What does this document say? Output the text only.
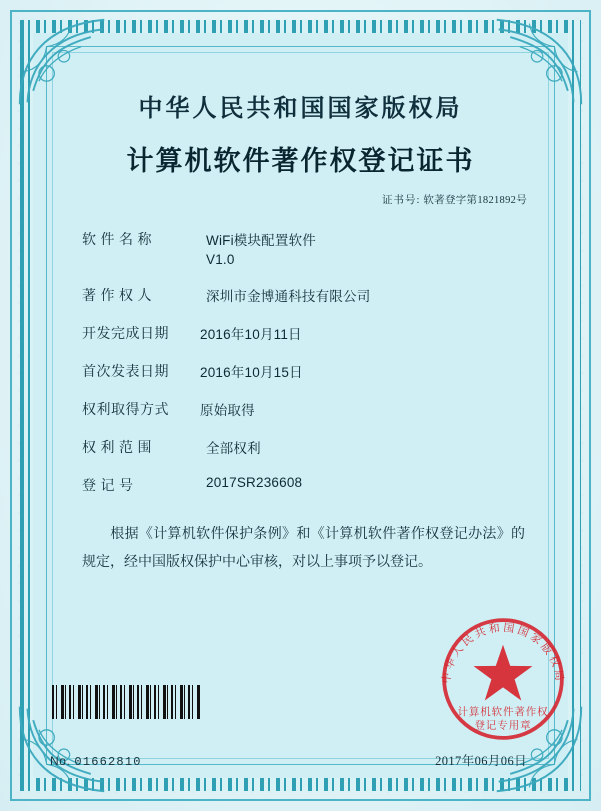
中华人民共和国国家版权局
计算机软件著作权登记证书
证书号: 软著登字第1821892号
软 件 名 称	WiFi模块配置软件
V1.0
著 作 权 人	深圳市金博通科技有限公司
开发完成日期	2016年10月11日
首次发表日期	2016年10月15日
权利取得方式	原始取得
权 利 范 围	全部权利
登 记 号	2017SR236608
根据《计算机软件保护条例》和《计算机软件著作权登记办法》的规定，经中国版权保护中心审核，对以上事项予以登记。
中华人民共和国国家版权局
计算机软件著作权
登记专用章
No. 01662810	2017年06月06日
